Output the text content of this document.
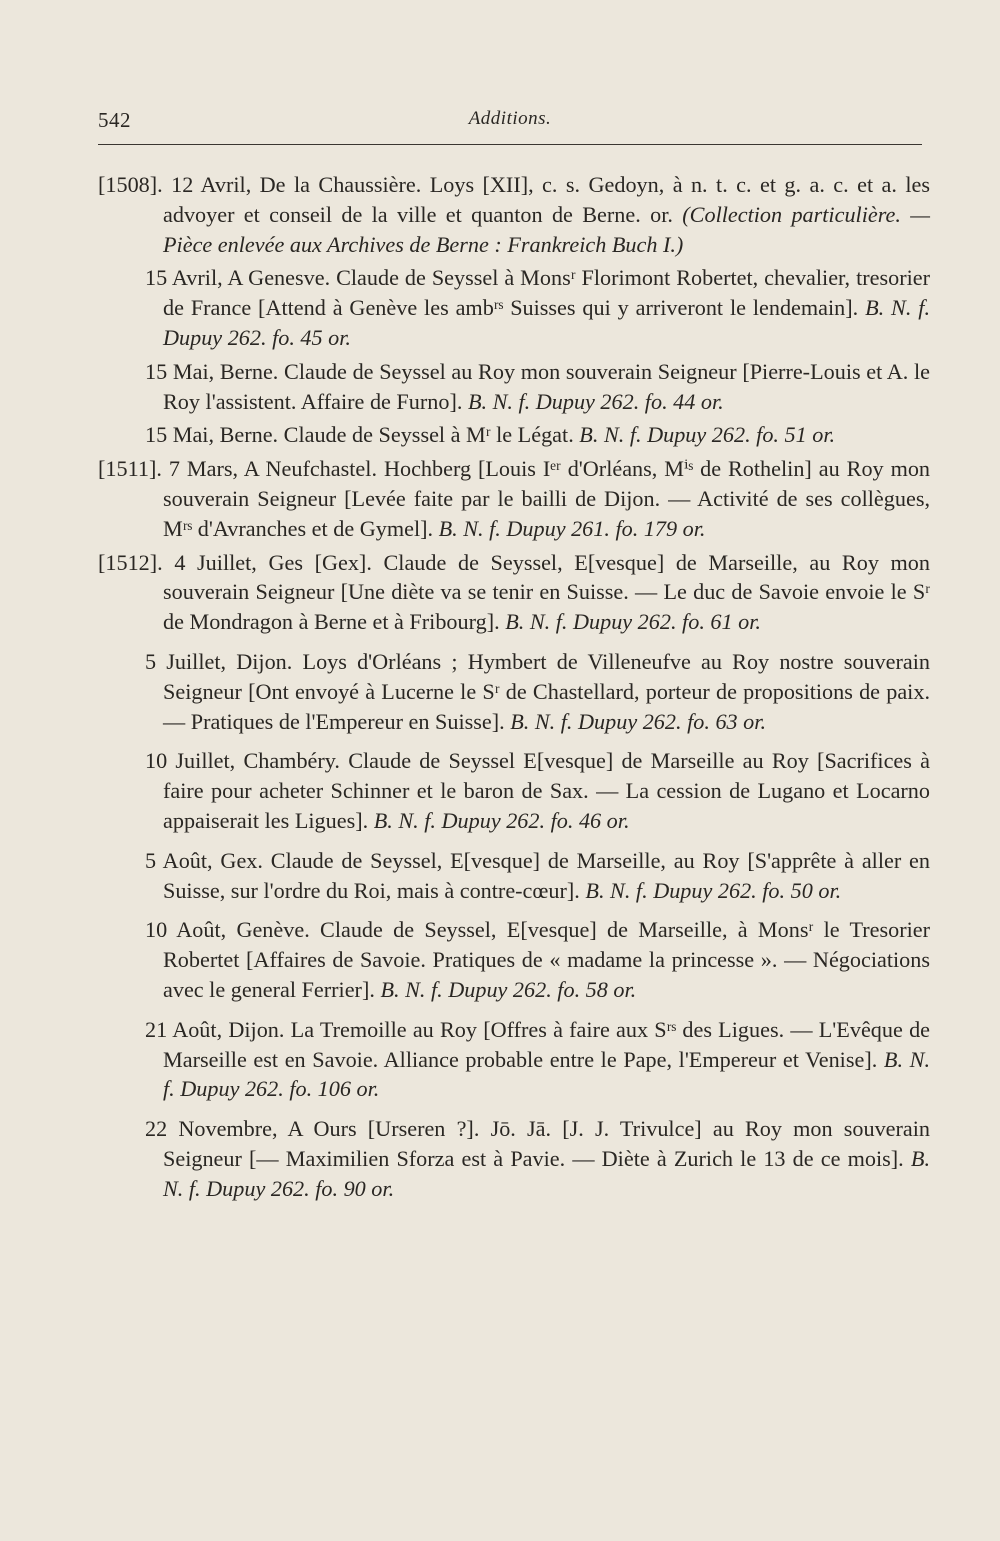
542	Additions.

[1508]. 12 Avril, De la Chaussière. Loys [XII], c. s. Gedoyn, à n. t. c. et g. a. c. et a. les advoyer et conseil de la ville et quanton de Berne. or. (Collection particulière. — Pièce enlevée aux Archives de Berne : Frankreich Buch I.)

15 Avril, A Genesve. Claude de Seyssel à Monsʳ Florimont Robertet, chevalier, tresorier de France [Attend à Genève les ambʳˢ Suisses qui y arriveront le lendemain]. B. N. f. Dupuy 262. fo. 45 or.

15 Mai, Berne. Claude de Seyssel au Roy mon souverain Seigneur [Pierre-Louis et A. le Roy l'assistent. Affaire de Furno]. B. N. f. Dupuy 262. fo. 44 or.

15 Mai, Berne. Claude de Seyssel à Mʳ le Légat. B. N. f. Dupuy 262. fo. 51 or.

[1511]. 7 Mars, A Neufchastel. Hochberg [Louis Iᵉʳ d'Orléans, Mⁱˢ de Rothelin] au Roy mon souverain Seigneur [Levée faite par le bailli de Dijon. — Activité de ses collègues, Mʳˢ d'Avranches et de Gymel]. B. N. f. Dupuy 261. fo. 179 or.

[1512]. 4 Juillet, Ges [Gex]. Claude de Seyssel, E[vesque] de Marseille, au Roy mon souverain Seigneur [Une diète va se tenir en Suisse. — Le duc de Savoie envoie le Sʳ de Mondragon à Berne et à Fribourg]. B. N. f. Dupuy 262. fo. 61 or.

5 Juillet, Dijon. Loys d'Orléans ; Hymbert de Villeneufve au Roy nostre souverain Seigneur [Ont envoyé à Lucerne le Sʳ de Chastellard, porteur de propositions de paix. — Pratiques de l'Empereur en Suisse]. B. N. f. Dupuy 262. fo. 63 or.

10 Juillet, Chambéry. Claude de Seyssel E[vesque] de Marseille au Roy [Sacrifices à faire pour acheter Schinner et le baron de Sax. — La cession de Lugano et Locarno appaiserait les Ligues]. B. N. f. Dupuy 262. fo. 46 or.

5 Août, Gex. Claude de Seyssel, E[vesque] de Marseille, au Roy [S'apprête à aller en Suisse, sur l'ordre du Roi, mais à contre-cœur]. B. N. f. Dupuy 262. fo. 50 or.

10 Août, Genève. Claude de Seyssel, E[vesque] de Marseille, à Monsʳ le Tresorier Robertet [Affaires de Savoie. Pratiques de « madame la princesse ». — Négociations avec le general Ferrier]. B. N. f. Dupuy 262. fo. 58 or.

21 Août, Dijon. La Tremoille au Roy [Offres à faire aux Sʳˢ des Ligues. — L'Evêque de Marseille est en Savoie. Alliance probable entre le Pape, l'Empereur et Venise]. B. N. f. Dupuy 262. fo. 106 or.

22 Novembre, A Ours [Urseren ?]. Jō. Jā. [J. J. Trivulce] au Roy mon souverain Seigneur [— Maximilien Sforza est à Pavie. — Diète à Zurich le 13 de ce mois]. B. N. f. Dupuy 262. fo. 90 or.
